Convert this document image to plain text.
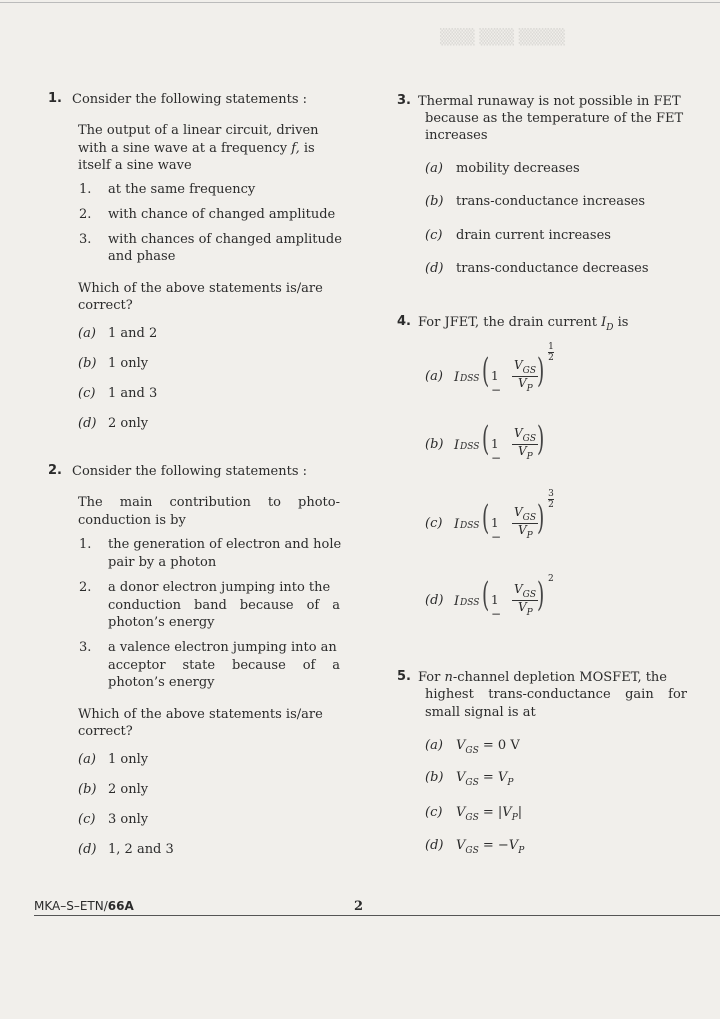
▒▒▒ ▒▒▒ ▒▒▒▒
1. Consider the following statements :
The output of a linear circuit, driven
with a sine wave at a frequency f, is
itself a sine wave
1. at the same frequency
2. with chance of changed amplitude
3. with chances of changed amplitude
and phase
Which of the above statements is/are
correct?
(a) 1 and 2
(b) 1 only
(c) 1 and 3
(d) 2 only
2. Consider the following statements :
The main contribution to photo-
conduction is by
1. the generation of electron and hole
pair by a photon
2. a donor electron jumping into the
conduction band because of a
photon’s energy
3. a valence electron jumping into an
acceptor state because of a
photon’s energy
Which of the above statements is/are
correct?
(a) 1 only
(b) 2 only
(c) 3 only
(d) 1, 2 and 3
3. Thermal runaway is not possible in FET
because as the temperature of the FET
increases
(a) mobility decreases
(b) trans-conductance increases
(c) drain current increases
(d) trans-conductance decreases
4. For JFET, the drain current $I_D$ is
(a) I DSS ( 1 −
$V_{GS}$
$V_P$ )
1
2
(b) I DSS ( 1 −
$V_{GS}$
$V_P$ )
(c) I DSS ( 1 −
$V_{GS}$
$V_P$ )
3
2
(d) I DSS ( 1 −
$V_{GS}$
$V_P$ ) 2
5. For n-channel depletion MOSFET, the
highest trans-conductance gain for
small signal is at
(a) $V_{GS} = 0$ V
(b) $V_{GS} = V_P$
(c) $V_{GS} = |V_P|$
(d) $V_{GS} = -V_P$
MKA–S–ETN/66A	2
